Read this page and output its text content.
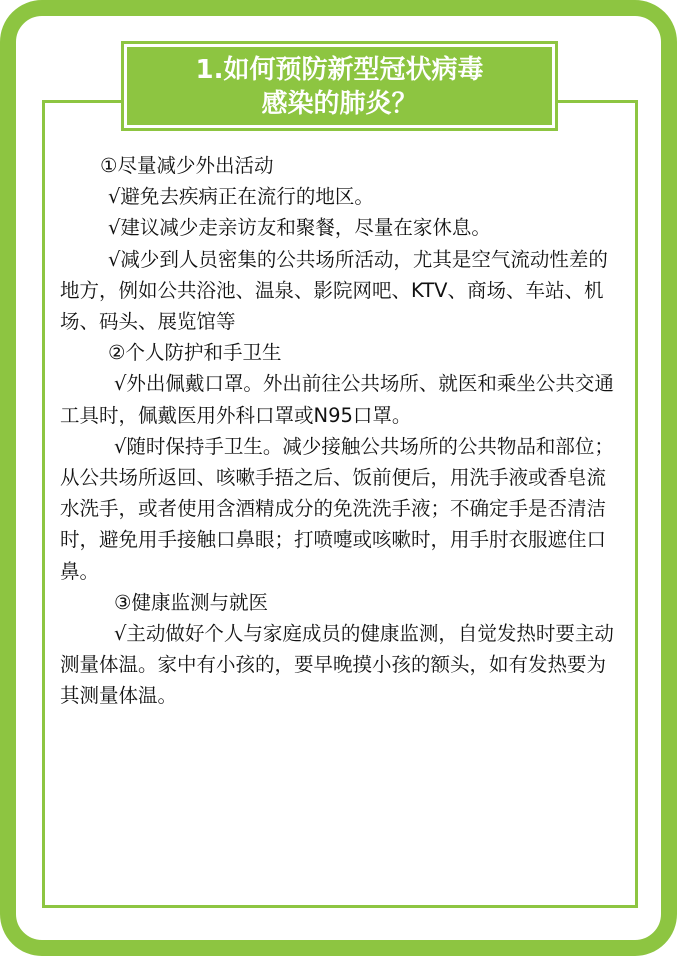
1.如何预防新型冠状病毒
感染的肺炎？

①尽量减少外出活动

√避免去疾病正在流行的地区。

√建议减少走亲访友和聚餐，尽量在家休息。

√减少到人员密集的公共场所活动，尤其是空气流动性差的地方，例如公共浴池、温泉、影院网吧、KTV、商场、车站、机场、码头、展览馆等

②个人防护和手卫生

√外出佩戴口罩。外出前往公共场所、就医和乘坐公共交通工具时，佩戴医用外科口罩或N95口罩。

√随时保持手卫生。减少接触公共场所的公共物品和部位；从公共场所返回、咳嗽手捂之后、饭前便后，用洗手液或香皂流水洗手，或者使用含酒精成分的免洗洗手液；不确定手是否清洁时，避免用手接触口鼻眼；打喷嚏或咳嗽时，用手肘衣服遮住口鼻。

③健康监测与就医

√主动做好个人与家庭成员的健康监测，自觉发热时要主动测量体温。家中有小孩的，要早晚摸小孩的额头，如有发热要为其测量体温。
